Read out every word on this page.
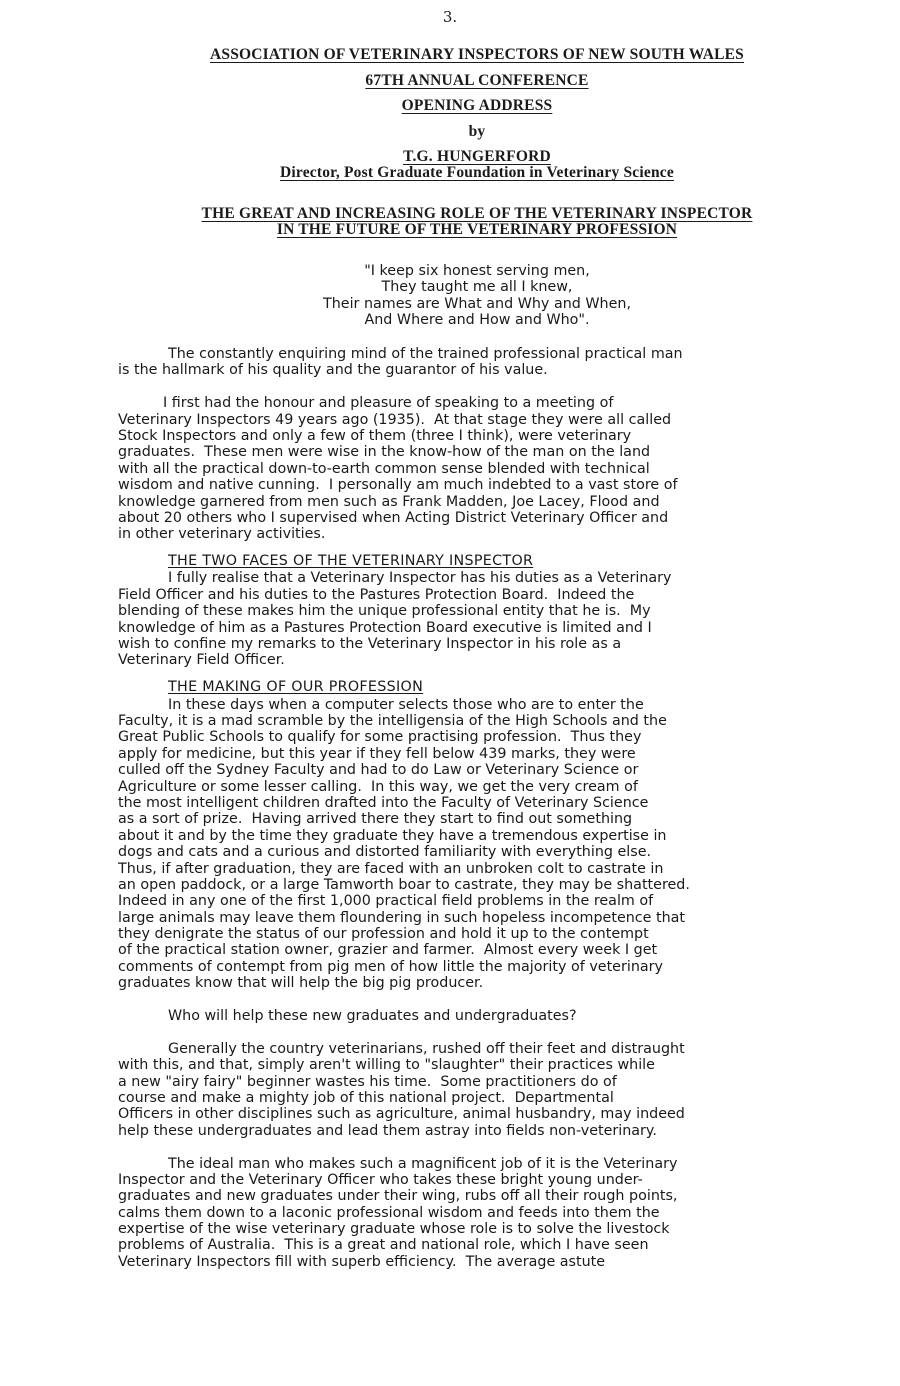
3.
ASSOCIATION OF VETERINARY INSPECTORS OF NEW SOUTH WALES
67TH ANNUAL CONFERENCE
OPENING ADDRESS
by
T.G. HUNGERFORD
Director, Post Graduate Foundation in Veterinary Science
THE GREAT AND INCREASING ROLE OF THE VETERINARY INSPECTOR
IN THE FUTURE OF THE VETERINARY PROFESSION
"I keep six honest serving men,
They taught me all I knew,
Their names are What and Why and When,
And Where and How and Who".
The constantly enquiring mind of the trained professional practical man
is the hallmark of his quality and the guarantor of his value.
I first had the honour and pleasure of speaking to a meeting of
Veterinary Inspectors 49 years ago (1935).  At that stage they were all called
Stock Inspectors and only a few of them (three I think), were veterinary
graduates.  These men were wise in the know-how of the man on the land
with all the practical down-to-earth common sense blended with technical
wisdom and native cunning.  I personally am much indebted to a vast store of
knowledge garnered from men such as Frank Madden, Joe Lacey, Flood and
about 20 others who I supervised when Acting District Veterinary Officer and
in other veterinary activities.
THE TWO FACES OF THE VETERINARY INSPECTOR
I fully realise that a Veterinary Inspector has his duties as a Veterinary
Field Officer and his duties to the Pastures Protection Board.  Indeed the
blending of these makes him the unique professional entity that he is.  My
knowledge of him as a Pastures Protection Board executive is limited and I
wish to confine my remarks to the Veterinary Inspector in his role as a
Veterinary Field Officer.
THE MAKING OF OUR PROFESSION
In these days when a computer selects those who are to enter the
Faculty, it is a mad scramble by the intelligensia of the High Schools and the
Great Public Schools to qualify for some practising profession.  Thus they
apply for medicine, but this year if they fell below 439 marks, they were
culled off the Sydney Faculty and had to do Law or Veterinary Science or
Agriculture or some lesser calling.  In this way, we get the very cream of
the most intelligent children drafted into the Faculty of Veterinary Science
as a sort of prize.  Having arrived there they start to find out something
about it and by the time they graduate they have a tremendous expertise in
dogs and cats and a curious and distorted familiarity with everything else.
Thus, if after graduation, they are faced with an unbroken colt to castrate in
an open paddock, or a large Tamworth boar to castrate, they may be shattered.
Indeed in any one of the first 1,000 practical field problems in the realm of
large animals may leave them floundering in such hopeless incompetence that
they denigrate the status of our profession and hold it up to the contempt
of the practical station owner, grazier and farmer.  Almost every week I get
comments of contempt from pig men of how little the majority of veterinary
graduates know that will help the big pig producer.
Who will help these new graduates and undergraduates?
Generally the country veterinarians, rushed off their feet and distraught
with this, and that, simply aren't willing to "slaughter" their practices while
a new "airy fairy" beginner wastes his time.  Some practitioners do of
course and make a mighty job of this national project.  Departmental
Officers in other disciplines such as agriculture, animal husbandry, may indeed
help these undergraduates and lead them astray into fields non-veterinary.
The ideal man who makes such a magnificent job of it is the Veterinary
Inspector and the Veterinary Officer who takes these bright young under-
graduates and new graduates under their wing, rubs off all their rough points,
calms them down to a laconic professional wisdom and feeds into them the
expertise of the wise veterinary graduate whose role is to solve the livestock
problems of Australia.  This is a great and national role, which I have seen
Veterinary Inspectors fill with superb efficiency.  The average astute
